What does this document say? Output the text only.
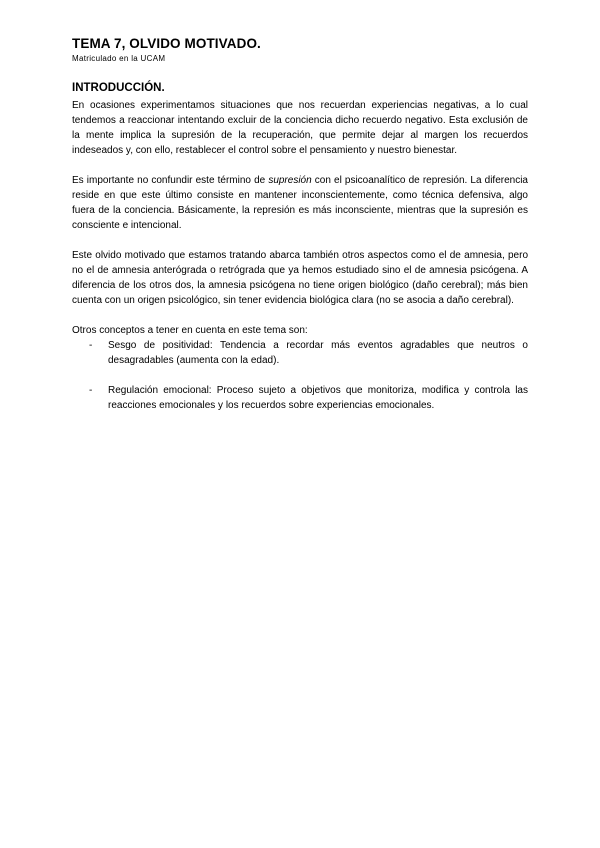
TEMA 7, OLVIDO MOTIVADO.

Matriculado en la UCAM

INTRODUCCIÓN.

En ocasiones experimentamos situaciones que nos recuerdan experiencias negativas, a lo cual tendemos a reaccionar intentando excluir de la conciencia dicho recuerdo negativo. Esta exclusión de la mente implica la supresión de la recuperación, que permite dejar al margen los recuerdos indeseados y, con ello, restablecer el control sobre el pensamiento y nuestro bienestar.

Es importante no confundir este término de supresión con el psicoanalítico de represión. La diferencia reside en que este último consiste en mantener inconscientemente, como técnica defensiva, algo fuera de la conciencia. Básicamente, la represión es más inconsciente, mientras que la supresión es consciente e intencional.

Este olvido motivado que estamos tratando abarca también otros aspectos como el de amnesia, pero no el de amnesia anterógrada o retrógrada que ya hemos estudiado sino el de amnesia psicógena. A diferencia de los otros dos, la amnesia psicógena no tiene origen biológico (daño cerebral); más bien cuenta con un origen psicológico, sin tener evidencia biológica clara (no se asocia a daño cerebral).

Otros conceptos a tener en cuenta en este tema son:

- Sesgo de positividad: Tendencia a recordar más eventos agradables que neutros o desagradables (aumenta con la edad).
- Regulación emocional: Proceso sujeto a objetivos que monitoriza, modifica y controla las reacciones emocionales y los recuerdos sobre experiencias emocionales.
